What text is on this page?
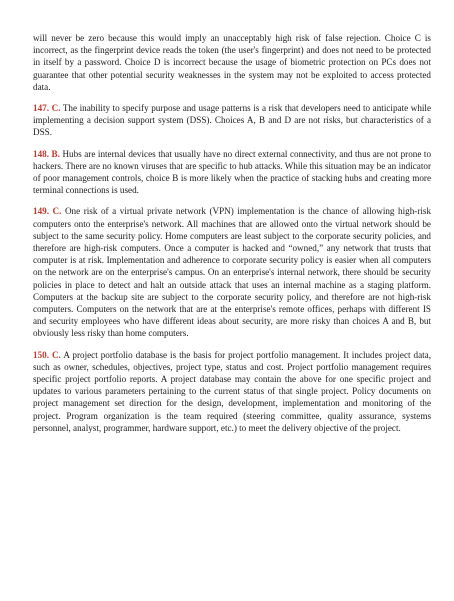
will never be zero because this would imply an unacceptably high risk of false rejection. Choice C is incorrect, as the fingerprint device reads the token (the user's fingerprint) and does not need to be protected in itself by a password. Choice D is incorrect because the usage of biometric protection on PCs does not guarantee that other potential security weaknesses in the system may not be exploited to access protected data.

147. C. The inability to specify purpose and usage patterns is a risk that developers need to anticipate while implementing a decision support system (DSS). Choices A, B and D are not risks, but characteristics of a DSS.

148. B. Hubs are internal devices that usually have no direct external connectivity, and thus are not prone to hackers. There are no known viruses that are specific to hub attacks. While this situation may be an indicator of poor management controls, choice B is more likely when the practice of stacking hubs and creating more terminal connections is used.

149. C. One risk of a virtual private network (VPN) implementation is the chance of allowing high-risk computers onto the enterprise's network. All machines that are allowed onto the virtual network should be subject to the same security policy. Home computers are least subject to the corporate security policies, and therefore are high-risk computers. Once a computer is hacked and “owned,” any network that trusts that computer is at risk. Implementation and adherence to corporate security policy is easier when all computers on the network are on the enterprise's campus. On an enterprise's internal network, there should be security policies in place to detect and halt an outside attack that uses an internal machine as a staging platform. Computers at the backup site are subject to the corporate security policy, and therefore are not high-risk computers. Computers on the network that are at the enterprise's remote offices, perhaps with different IS and security employees who have different ideas about security, are more risky than choices A and B, but obviously less risky than home computers.

150. C. A project portfolio database is the basis for project portfolio management. It includes project data, such as owner, schedules, objectives, project type, status and cost. Project portfolio management requires specific project portfolio reports. A project database may contain the above for one specific project and updates to various parameters pertaining to the current status of that single project. Policy documents on project management set direction for the design, development, implementation and monitoring of the project. Program organization is the team required (steering committee, quality assurance, systems personnel, analyst, programmer, hardware support, etc.) to meet the delivery objective of the project.
